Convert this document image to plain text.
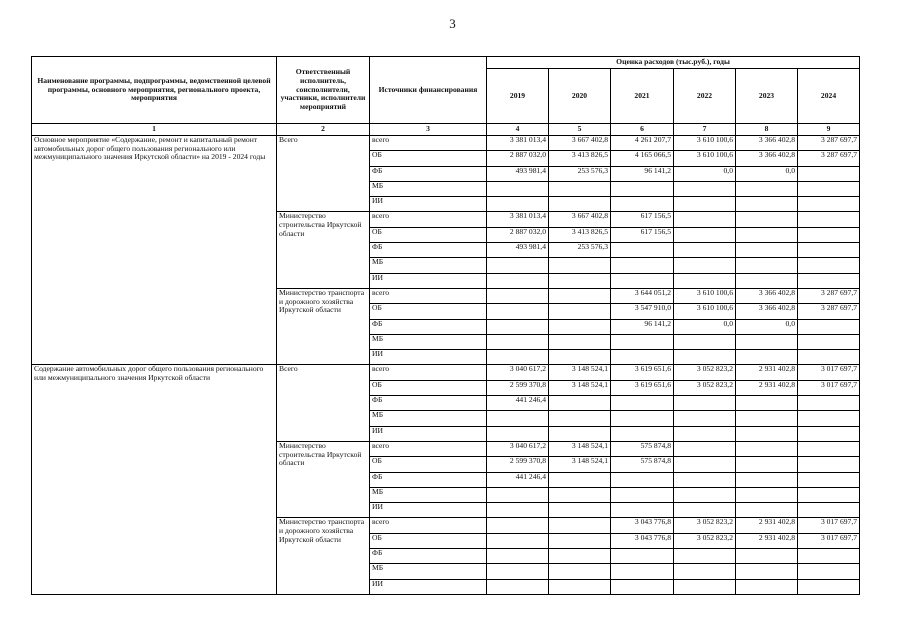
3
Наименование программы, подпрограммы, ведомственной целевой программы, основного мероприятия, регионального проекта, мероприятия	Ответственный исполнитель, соисполнители, участники, исполнители мероприятий	Источники финансирования	Оценка расходов (тыс.руб.), годы					
			2019	2020	2021	2022	2023	2024
1	2	3	4	5	6	7	8	9
Основное мероприятие «Содержание, ремонт и капитальный ремонт автомобильных дорог общего пользования регионального или межмуниципального значения Иркутской области» на 2019 - 2024 годы	Всего	всего	3 381 013,4	3 667 402,8	4 261 207,7	3 610 100,6	3 366 402,8	3 287 697,7
		ОБ	2 887 032,0	3 413 826,5	4 165 066,5	3 610 100,6	3 366 402,8	3 287 697,7
		ФБ	493 981,4	253 576,3	96 141,2	0,0	0,0	
		МБ						
		ИИ						
	Министерство строительства Иркутской области	всего	3 381 013,4	3 667 402,8	617 156,5			
		ОБ	2 887 032,0	3 413 826,5	617 156,5			
		ФБ	493 981,4	253 576,3				
		МБ						
		ИИ						
	Министерство транспорта и дорожного хозяйства Иркутской области	всего			3 644 051,2	3 610 100,6	3 366 402,8	3 287 697,7
		ОБ			3 547 910,0	3 610 100,6	3 366 402,8	3 287 697,7
		ФБ			96 141,2	0,0	0,0	
		МБ						
		ИИ						
Содержание автомобильных дорог общего пользования регионального или межмуниципального значения Иркутской области	Всего	всего	3 040 617,2	3 148 524,1	3 619 651,6	3 052 823,2	2 931 402,8	3 017 697,7
		ОБ	2 599 370,8	3 148 524,1	3 619 651,6	3 052 823,2	2 931 402,8	3 017 697,7
		ФБ	441 246,4					
		МБ						
		ИИ						
	Министерство строительства Иркутской области	всего	3 040 617,2	3 148 524,1	575 874,8			
		ОБ	2 599 370,8	3 148 524,1	575 874,8			
		ФБ	441 246,4					
		МБ						
		ИИ						
	Министерство транспорта и дорожного хозяйства Иркутской области	всего			3 043 776,8	3 052 823,2	2 931 402,8	3 017 697,7
		ОБ			3 043 776,8	3 052 823,2	2 931 402,8	3 017 697,7
		ФБ						
		МБ						
		ИИ						
